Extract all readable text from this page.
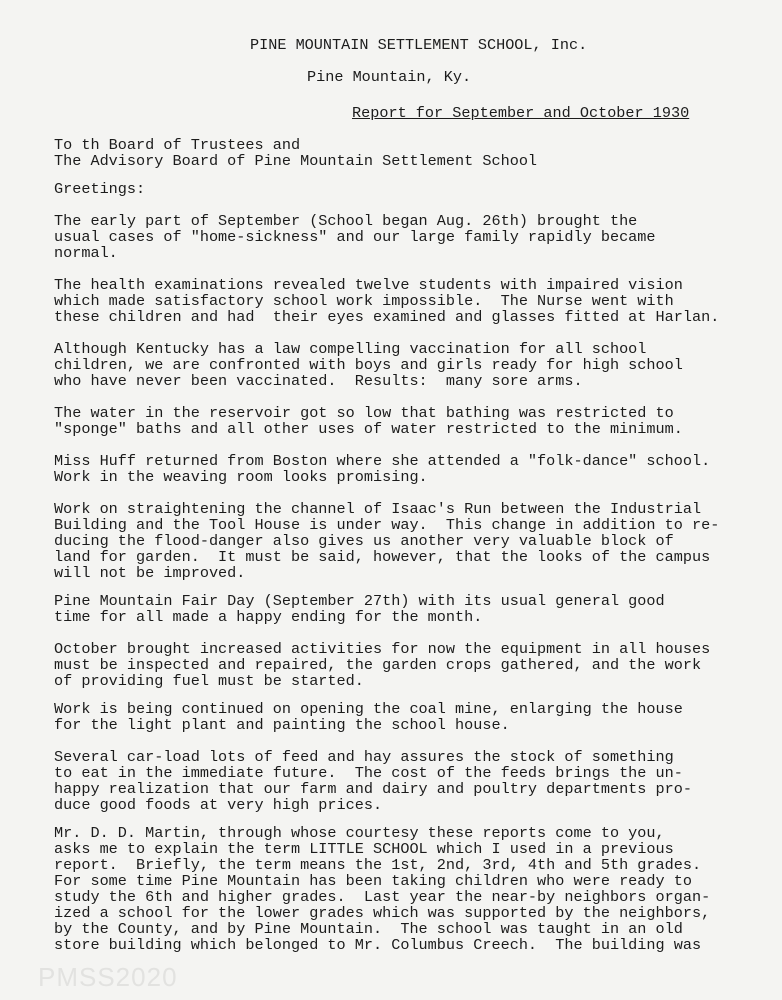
PINE MOUNTAIN SETTLEMENT SCHOOL, Inc.
Pine Mountain, Ky.
Report for September and October 1930
To th Board of Trustees and
The Advisory Board of Pine Mountain Settlement School
Greetings:
The early part of September (School began Aug. 26th) brought the
usual cases of "home-sickness" and our large family rapidly became
normal.
The health examinations revealed twelve students with impaired vision
which made satisfactory school work impossible.  The Nurse went with
these children and had  their eyes examined and glasses fitted at Harlan.
Although Kentucky has a law compelling vaccination for all school
children, we are confronted with boys and girls ready for high school
who have never been vaccinated.  Results:  many sore arms.
The water in the reservoir got so low that bathing was restricted to
"sponge" baths and all other uses of water restricted to the minimum.
Miss Huff returned from Boston where she attended a "folk-dance" school.
Work in the weaving room looks promising.
Work on straightening the channel of Isaac's Run between the Industrial
Building and the Tool House is under way.  This change in addition to re-
ducing the flood-danger also gives us another very valuable block of
land for garden.  It must be said, however, that the looks of the campus
will not be improved.
Pine Mountain Fair Day (September 27th) with its usual general good
time for all made a happy ending for the month.
October brought increased activities for now the equipment in all houses
must be inspected and repaired, the garden crops gathered, and the work
of providing fuel must be started.
Work is being continued on opening the coal mine, enlarging the house
for the light plant and painting the school house.
Several car-load lots of feed and hay assures the stock of something
to eat in the immediate future.  The cost of the feeds brings the un-
happy realization that our farm and dairy and poultry departments pro-
duce good foods at very high prices.
Mr. D. D. Martin, through whose courtesy these reports come to you,
asks me to explain the term LITTLE SCHOOL which I used in a previous
report.  Briefly, the term means the 1st, 2nd, 3rd, 4th and 5th grades.
For some time Pine Mountain has been taking children who were ready to
study the 6th and higher grades.  Last year the near-by neighbors organ-
ized a school for the lower grades which was supported by the neighbors,
by the County, and by Pine Mountain.  The school was taught in an old
store building which belonged to Mr. Columbus Creech.  The building was
PMSS2020
